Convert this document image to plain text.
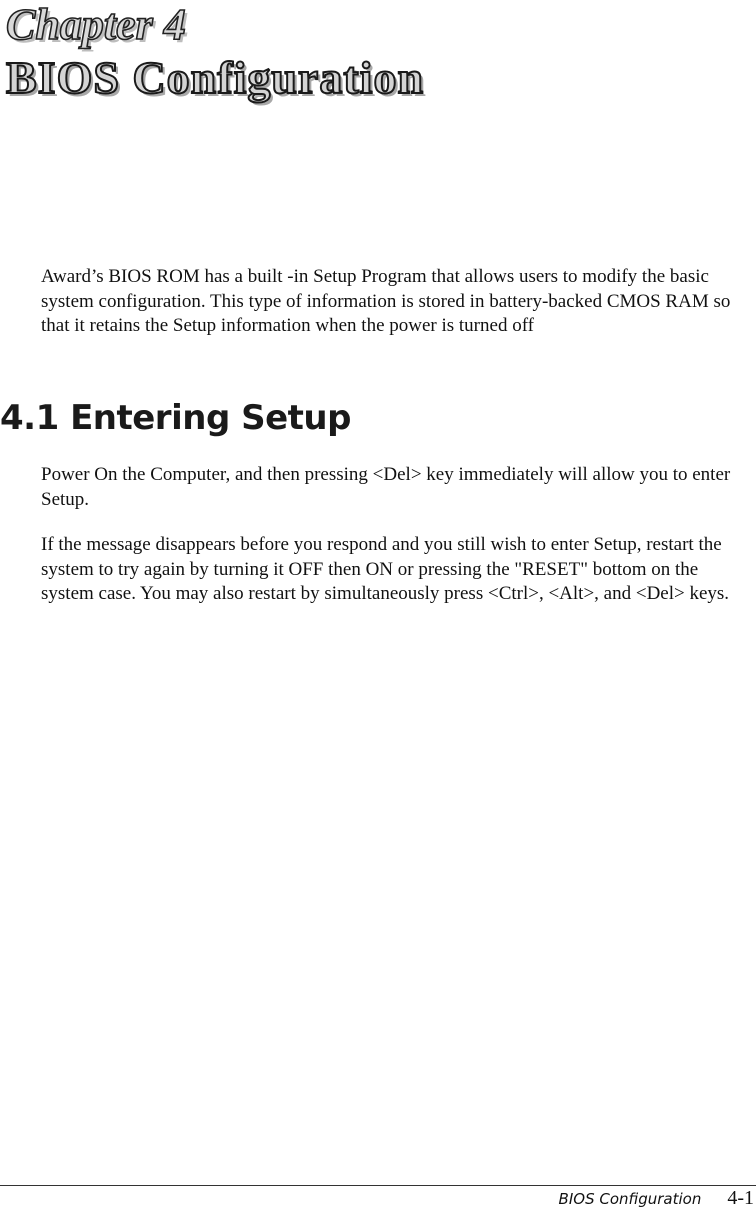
Chapter 4
BIOS Configuration

Award’s BIOS ROM has a built -in Setup Program that allows users to modify the basic system configuration. This type of information is stored in battery-backed CMOS RAM so that it retains the Setup information when the power is turned off

4.1 Entering Setup

Power On the Computer, and then pressing <Del> key immediately will allow you to enter Setup.

If the message disappears before you respond and you still wish to enter Setup, restart the system to try again by turning it OFF then ON or pressing the "RESET" bottom on the system case. You may also restart by simultaneously press <Ctrl>, <Alt>, and <Del> keys.

BIOS Configuration 4-1
